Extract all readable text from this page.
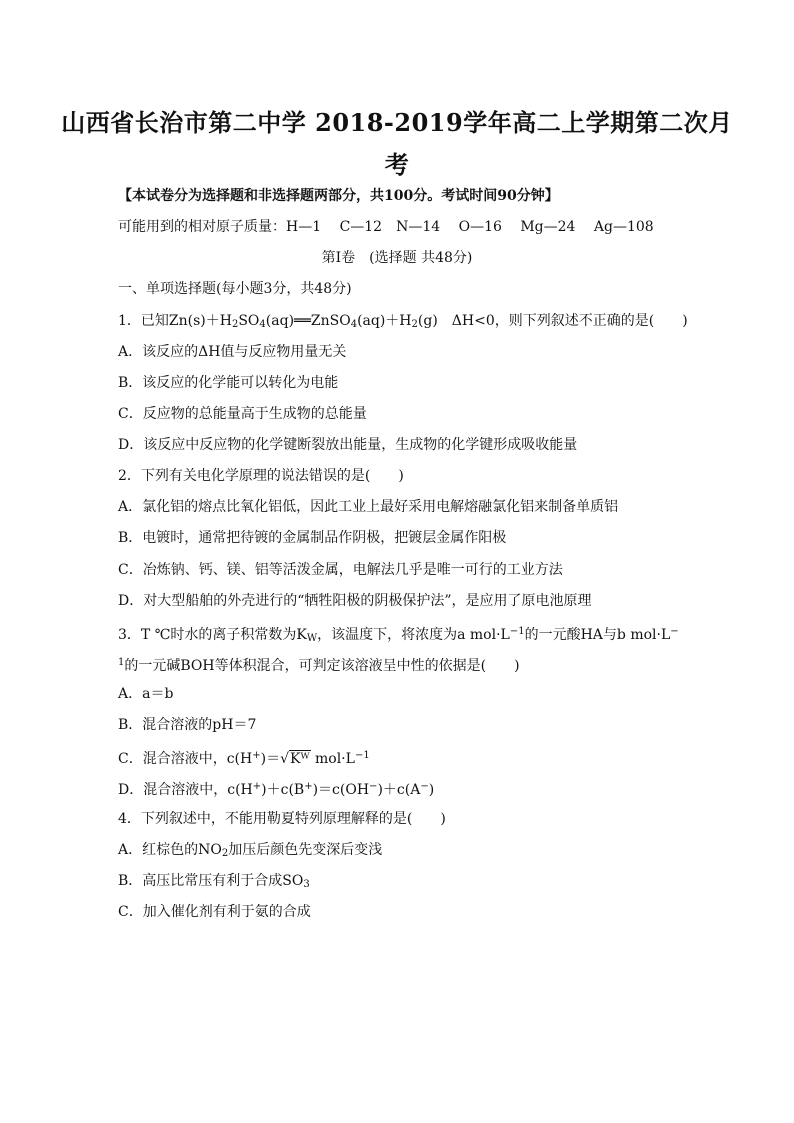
山西省长治市第二中学 2018-2019学年高二上学期第二次月
考
【本试卷分为选择题和非选择题两部分，共100分。考试时间90分钟】
可能用到的相对原子质量：H—1　 C—12　N—14　 O—16　 Mg—24　 Ag—108
第Ⅰ卷　(选择题 共48分)
一、单项选择题(每小题3分，共48分)
1．已知$Zn(s)+H_2SO_4(aq)══ZnSO_4(aq)+H_2(g)$　ΔH<0，则下列叙述不正确的是(　　)
A．该反应的ΔH值与反应物用量无关
B．该反应的化学能可以转化为电能
C．反应物的总能量高于生成物的总能量
D．该反应中反应物的化学键断裂放出能量，生成物的化学键形成吸收能量
2．下列有关电化学原理的说法错误的是(　　)
A．氯化铝的熔点比氧化铝低，因此工业上最好采用电解熔融氯化铝来制备单质铝
B．电镀时，通常把待镀的金属制品作阴极，把镀层金属作阳极
C．冶炼钠、钙、镁、铝等活泼金属，电解法几乎是唯一可行的工业方法
D．对大型船舶的外壳进行的“牺牲阳极的阴极保护法”，是应用了原电池原理
3．T ℃时水的离子积常数为$K_W$，该温度下，将浓度为a $mol\cdot L^{-1}$的一元酸HA与b mol·L−
$^1$的一元碱BOH等体积混合，可判定该溶液呈中性的依据是(　　)
A．a＝b
B．混合溶液的pH＝7
C．混合溶液中，c(H+)＝√Kᵂ $mol\cdot L^{-1}$
D．混合溶液中，c(H+)＋c(B+)＝c(OH−)＋c(A−)
4．下列叙述中，不能用勒夏特列原理解释的是(　　)
A．红棕色的$NO_2$加压后颜色先变深后变浅
B．高压比常压有利于合成$SO_3$
C．加入催化剂有利于氨的合成
